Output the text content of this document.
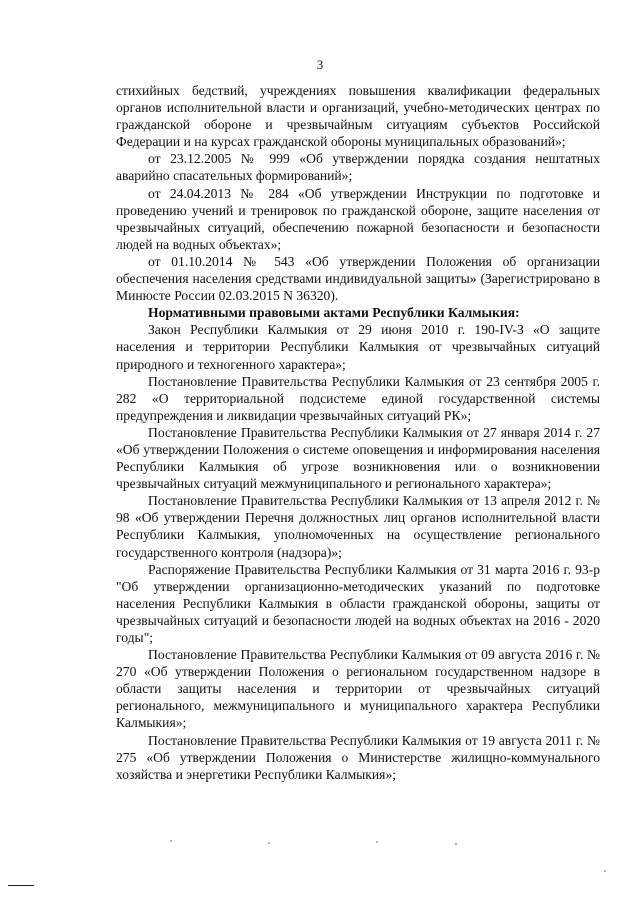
3

стихийных бедствий, учреждениях повышения квалификации федеральных органов исполнительной власти и организаций, учебно-методических центрах по гражданской обороне и чрезвычайным ситуациям субъектов Российской Федерации и на курсах гражданской обороны муниципальных образований»;

от 23.12.2005 № 999 «Об утверждении порядка создания нештатных аварийно спасательных формирований»;

от 24.04.2013 № 284 «Об утверждении Инструкции по подготовке и проведению учений и тренировок по гражданской обороне, защите населения от чрезвычайных ситуаций, обеспечению пожарной безопасности и безопасности людей на водных объектах»;

от 01.10.2014 № 543 «Об утверждении Положения об организации обеспечения населения средствами индивидуальной защиты» (Зарегистрировано в Минюсте России 02.03.2015 N 36320).

Нормативными правовыми актами Республики Калмыкия:

Закон Республики Калмыкия от 29 июня 2010 г. 190-IV-З «О защите населения и территории Республики Калмыкия от чрезвычайных ситуаций природного и техногенного характера»;

Постановление Правительства Республики Калмыкия от 23 сентября 2005 г. 282 «О территориальной подсистеме единой государственной системы предупреждения и ликвидации чрезвычайных ситуаций РК»;

Постановление Правительства Республики Калмыкия от 27 января 2014 г. 27 «Об утверждении Положения о системе оповещения и информирования населения Республики Калмыкия об угрозе возникновения или о возникновении чрезвычайных ситуаций межмуниципального и регионального характера»;

Постановление Правительства Республики Калмыкия от 13 апреля 2012 г. № 98 «Об утверждении Перечня должностных лиц органов исполнительной власти Республики Калмыкия, уполномоченных на осуществление регионального государственного контроля (надзора)»;

Распоряжение Правительства Республики Калмыкия от 31 марта 2016 г. 93-р "Об утверждении организационно-методических указаний по подготовке населения Республики Калмыкия в области гражданской обороны, защиты от чрезвычайных ситуаций и безопасности людей на водных объектах на 2016 - 2020 годы";

Постановление Правительства Республики Калмыкия от 09 августа 2016 г. № 270 «Об утверждении Положения о региональном государственном надзоре в области защиты населения и территории от чрезвычайных ситуаций регионального, межмуниципального и муниципального характера Республики Калмыкия»;

Постановление Правительства Республики Калмыкия от 19 августа 2011 г. № 275 «Об утверждении Положения о Министерстве жилищно-коммунального хозяйства и энергетики Республики Калмыкия»;
